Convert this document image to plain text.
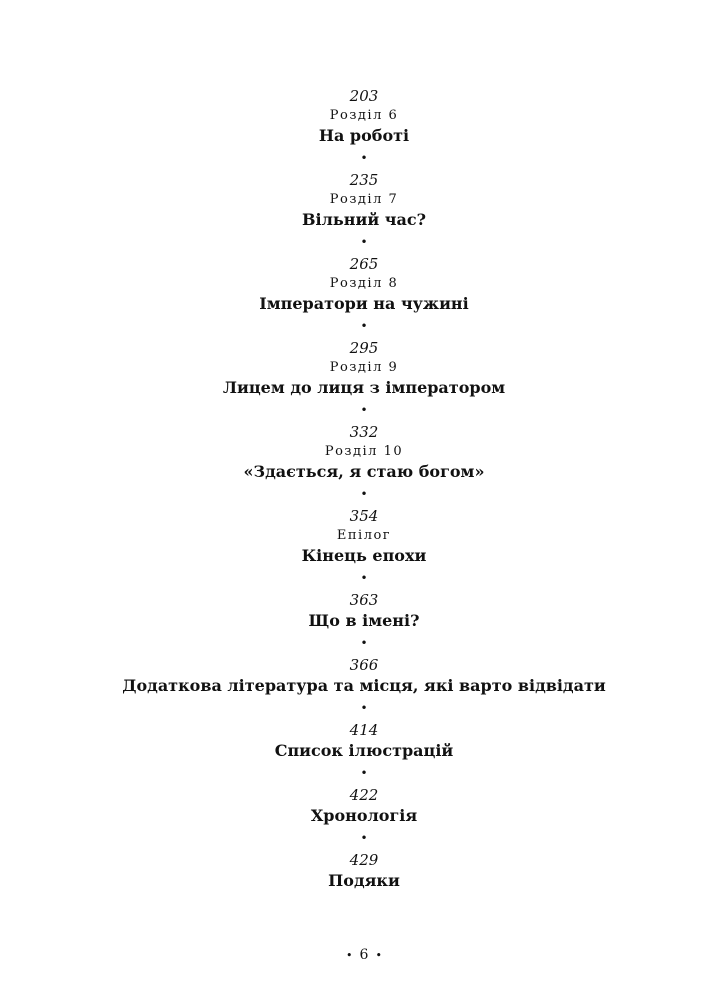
203
Розділ 6
На роботі
•
235
Розділ 7
Вільний час?
•
265
Розділ 8
Імператори на чужині
•
295
Розділ 9
Лицем до лиця з імператором
•
332
Розділ 10
«Здається, я стаю богом»
•
354
Епілог
Кінець епохи
•
363
Що в імені?
•
366
Додаткова література та місця, які варто відвідати
•
414
Список ілюстрацій
•
422
Хронологія
•
429
Подяки
• 6 •
